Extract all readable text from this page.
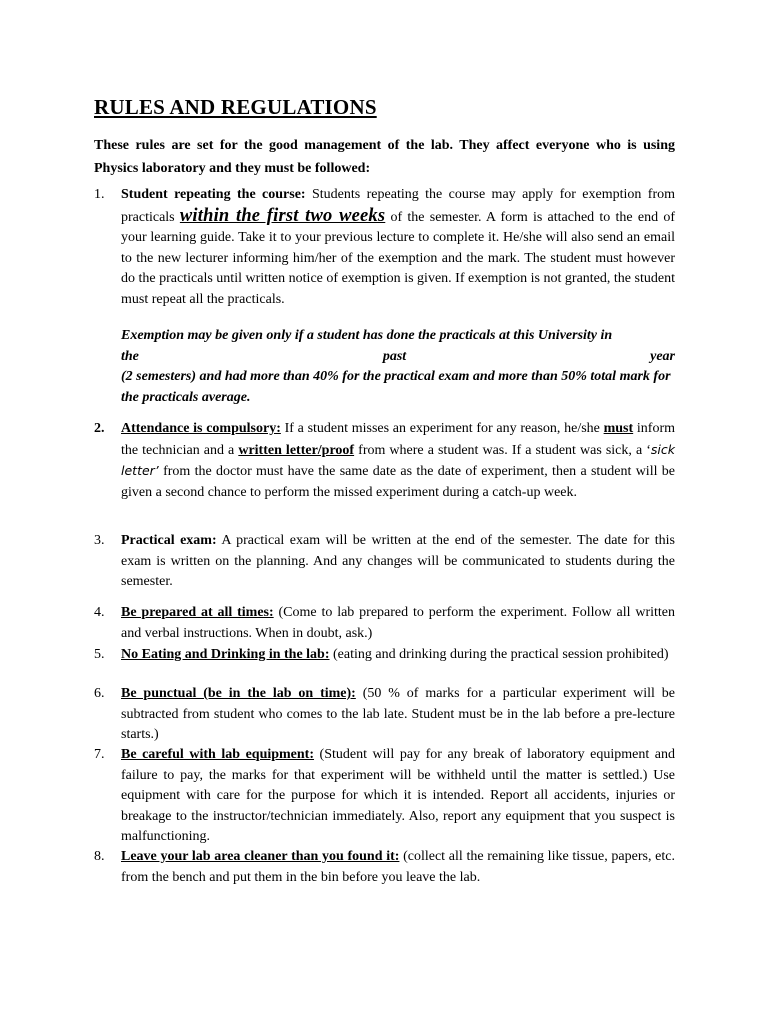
RULES AND REGULATIONS

These rules are set for the good management of the lab. They affect everyone who is using Physics laboratory and they must be followed:

1.	Student repeating the course: Students repeating the course may apply for exemption from practicals within the first two weeks of the semester. A form is attached to the end of your learning guide. Take it to your previous lecture to complete it. He/she will also send an email to the new lecturer informing him/her of the exemption and the mark. The student must however do the practicals until written notice of exemption is given. If exemption is not granted, the student must repeat all the practicals.
Exemption may be given only if a student has done the practicals at this University in
the	past	year
(2 semesters) and had more than 40% for the practical exam and more than 50% total mark for the practicals average.
2.	Attendance is compulsory: If a student misses an experiment for any reason, he/she must inform the technician and a written letter/proof from where a student was. If a student was sick, a ‘sick letter’ from the doctor must have the same date as the date of experiment, then a student will be given a second chance to perform the missed experiment during a catch-up week.
3.	Practical exam: A practical exam will be written at the end of the semester. The date for this exam is written on the planning. And any changes will be communicated to students during the semester.
4.	Be prepared at all times: (Come to lab prepared to perform the experiment. Follow all written and verbal instructions. When in doubt, ask.)
5.	No Eating and Drinking in the lab: (eating and drinking during the practical session prohibited)
6.	Be punctual (be in the lab on time): (50 % of marks for a particular experiment will be subtracted from student who comes to the lab late. Student must be in the lab before a pre-lecture starts.)
7.	Be careful with lab equipment: (Student will pay for any break of laboratory equipment and failure to pay, the marks for that experiment will be withheld until the matter is settled.) Use equipment with care for the purpose for which it is intended. Report all accidents, injuries or breakage to the instructor/technician immediately. Also, report any equipment that you suspect is malfunctioning.
8.	Leave your lab area cleaner than you found it: (collect all the remaining like tissue, papers, etc. from the bench and put them in the bin before you leave the lab.
